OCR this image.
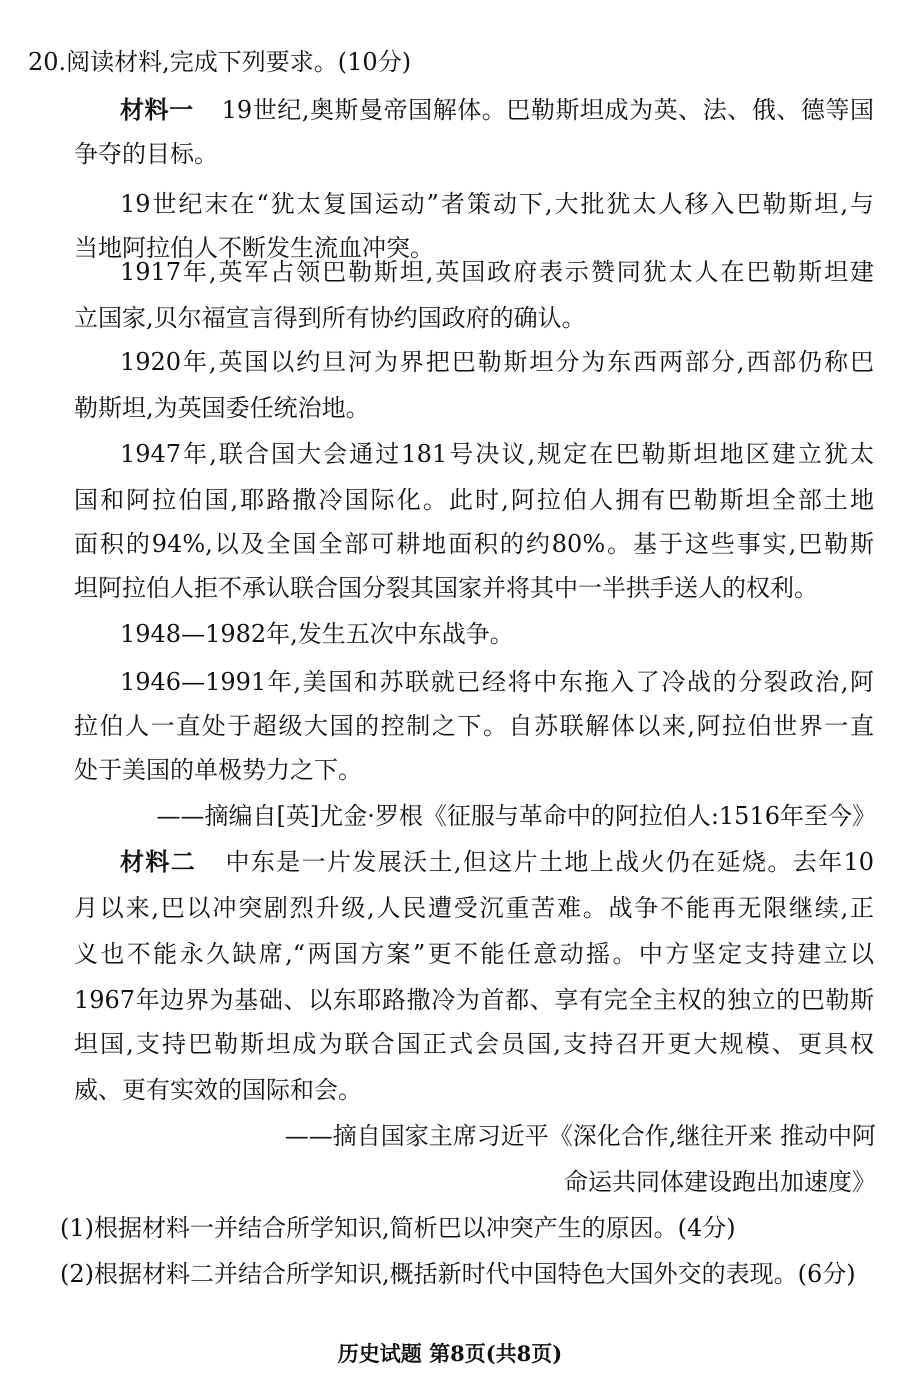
20.阅读材料,完成下列要求。(10分)
材料一 19世纪,奥斯曼帝国解体。巴勒斯坦成为英、法、俄、德等国
争夺的目标。
19世纪末在“犹太复国运动”者策动下,大批犹太人移入巴勒斯坦,与
当地阿拉伯人不断发生流血冲突。
1917年,英军占领巴勒斯坦,英国政府表示赞同犹太人在巴勒斯坦建
立国家,贝尔福宣言得到所有协约国政府的确认。
1920年,英国以约旦河为界把巴勒斯坦分为东西两部分,西部仍称巴
勒斯坦,为英国委任统治地。
1947年,联合国大会通过181号决议,规定在巴勒斯坦地区建立犹太
国和阿拉伯国,耶路撒冷国际化。此时,阿拉伯人拥有巴勒斯坦全部土地
面积的94%,以及全国全部可耕地面积的约80%。基于这些事实,巴勒斯
坦阿拉伯人拒不承认联合国分裂其国家并将其中一半拱手送人的权利。
1948—1982年,发生五次中东战争。
1946—1991年,美国和苏联就已经将中东拖入了冷战的分裂政治,阿
拉伯人一直处于超级大国的控制之下。自苏联解体以来,阿拉伯世界一直
处于美国的单极势力之下。
——摘编自[英]尤金·罗根《征服与革命中的阿拉伯人:1516年至今》
材料二 中东是一片发展沃土,但这片土地上战火仍在延烧。去年10
月以来,巴以冲突剧烈升级,人民遭受沉重苦难。战争不能再无限继续,正
义也不能永久缺席,“两国方案”更不能任意动摇。中方坚定支持建立以
1967年边界为基础、以东耶路撒冷为首都、享有完全主权的独立的巴勒斯
坦国,支持巴勒斯坦成为联合国正式会员国,支持召开更大规模、更具权
威、更有实效的国际和会。
——摘自国家主席习近平《深化合作,继往开来 推动中阿
命运共同体建设跑出加速度》
(1)根据材料一并结合所学知识,简析巴以冲突产生的原因。(4分)
(2)根据材料二并结合所学知识,概括新时代中国特色大国外交的表现。(6分)
历史试题 第8页(共8页)
